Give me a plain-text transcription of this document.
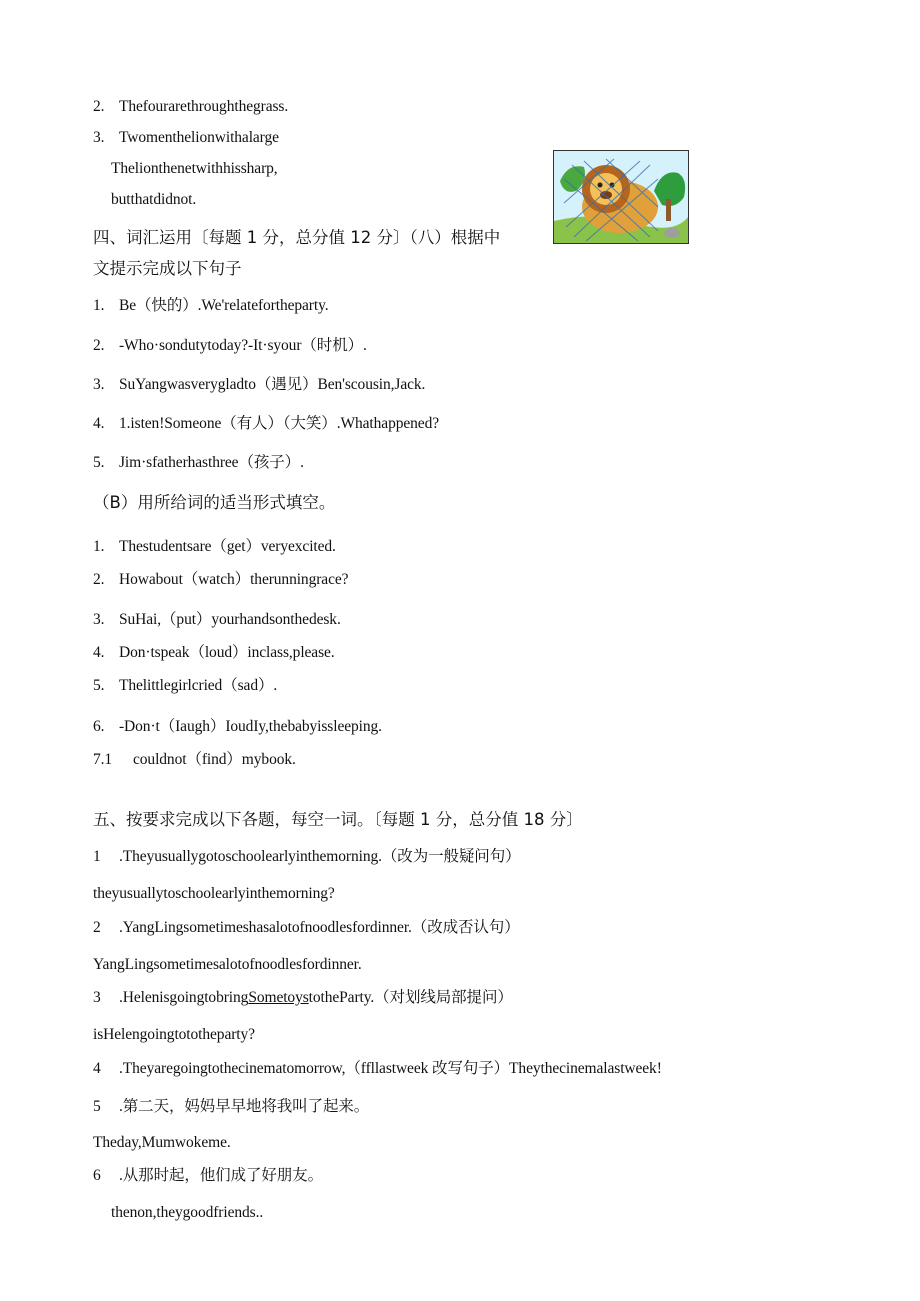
2. Thefourarethroughthegrass.
3. Twomenthelionwithalarge
Thelionthenetwithhissharp,
butthatdidnot.
四、词汇运用〔每题 1 分，总分值 12 分〕（八）根据中
文提示完成以下句子
1. Be（快的）.We'relatefortheparty.
2. -Who·sondutytoday?-It·syour（时机）.
3. SuYangwasverygladto（遇见）Ben'scousin,Jack.
4. 1.isten!Someone（有人）（大笑）.Whathappened?
5. Jim·sfatherhasthree（孩子）.
（B）用所给词的适当形式填空。
1. Thestudentsare（get）veryexcited.
2. Howabout（watch）therunningrace?
3. SuHai,（put）yourhandsonthedesk.
4. Don·tspeak（loud）inclass,please.
5. Thelittlegirlcried（sad）.
6. -Don·t（Iaugh）IoudIy,thebabyissleeping.
7.1 couldnot（find）mybook.
五、按要求完成以下各题，每空一词。〔每题 1 分，总分值 18 分〕
1 .Theyusuallygotoschoolearlyinthemorning.（改为一般疑问句）
theyusuallytoschoolearlyinthemorning?
2 .YangLingsometimeshasalotofnoodlesfordinner.（改成否认句）
YangLingsometimesalotofnoodlesfordinner.
3 .HelenisgoingtobringSometoystotheParty.（对划线局部提问）
isHelengoingtototheparty?
4 .Theyaregoingtothecinematomorrow,（ffllastweek 改写句子）Theythecinemalastweek!
5 .第二天，妈妈早早地将我叫了起来。
Theday,Mumwokeme.
6 .从那时起，他们成了好朋友。
thenon,theygoodfriends..
